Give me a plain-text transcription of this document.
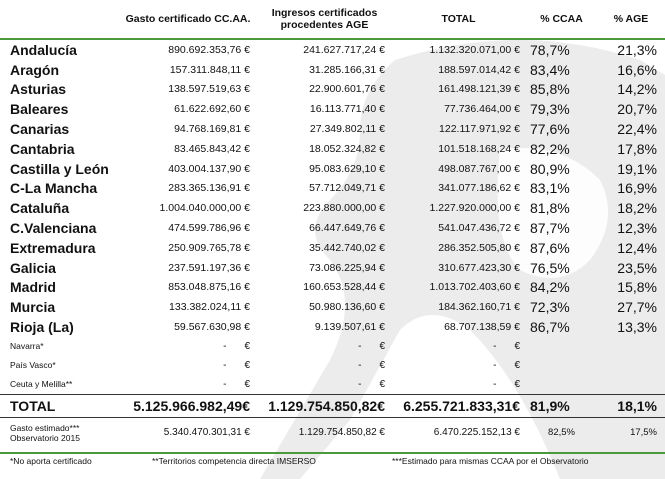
	Gasto certificado CC.AA.	Ingresos certificados
procedentes AGE	TOTAL	% CCAA	% AGE
Andalucía	890.692.353,76 €	241.627.717,24 €	1.132.320.071,00 €	78,7%	21,3%
Aragón	157.311.848,11 €	31.285.166,31 €	188.597.014,42 €	83,4%	16,6%
Asturias	138.597.519,63 €	22.900.601,76 €	161.498.121,39 €	85,8%	14,2%
Baleares	61.622.692,60 €	16.113.771,40 €	77.736.464,00 €	79,3%	20,7%
Canarias	94.768.169,81 €	27.349.802,11 €	122.117.971,92 €	77,6%	22,4%
Cantabria	83.465.843,42 €	18.052.324,82 €	101.518.168,24 €	82,2%	17,8%
Castilla y León	403.004.137,90 €	95.083.629,10 €	498.087.767,00 €	80,9%	19,1%
C-La Mancha	283.365.136,91 €	57.712.049,71 €	341.077.186,62 €	83,1%	16,9%
Cataluña	1.004.040.000,00 €	223.880.000,00 €	1.227.920.000,00 €	81,8%	18,2%
C.Valenciana	474.599.786,96 €	66.447.649,76 €	541.047.436,72 €	87,7%	12,3%
Extremadura	250.909.765,78 €	35.442.740,02 €	286.352.505,80 €	87,6%	12,4%
Galicia	237.591.197,36 €	73.086.225,94 €	310.677.423,30 €	76,5%	23,5%
Madrid	853.048.875,16 €	160.653.528,44 €	1.013.702.403,60 €	84,2%	15,8%
Murcia	133.382.024,11 €	50.980.136,60 €	184.362.160,71 €	72,3%	27,7%
Rioja (La)	59.567.630,98 €	9.139.507,61 €	68.707.138,59 €	86,7%	13,3%
Navarra*	- €	- €	- €		
País Vasco*	- €	- €	- €		
Ceuta y Melilla**	- €	- €	- €		
TOTAL	5.125.966.982,49€	1.129.754.850,82€	6.255.721.833,31€	81,9%	18,1%

Gasto estimado***
Observatorio 2015	5.340.470.301,31 €	1.129.754.850,82 €	6.470.225.152,13 €	82,5%	17,5%
*No aporta certificado	**Territorios competencia directa IMSERSO	***Estimado para mismas CCAA por el Observatorio
